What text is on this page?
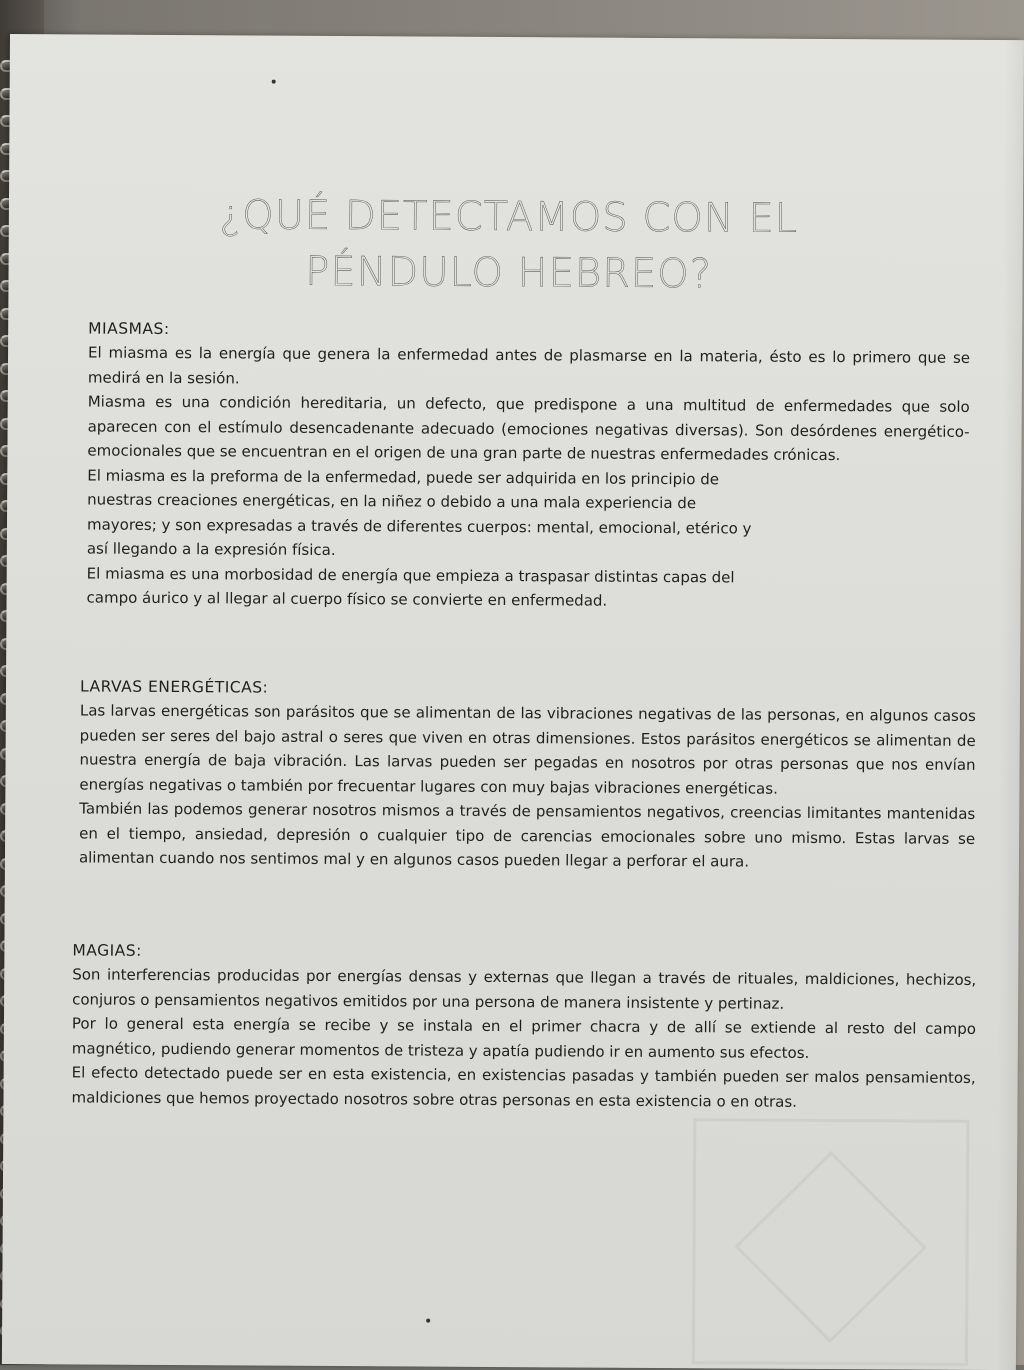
¿QUÉ DETECTAMOS CON EL
PÉNDULO HEBREO?
MIASMAS:

El miasma es la energía que genera la enfermedad antes de plasmarse en la materia, ésto es lo primero que se medirá en la sesión.

Miasma es una condición hereditaria, un defecto, que predispone a una multitud de enfermedades que solo aparecen con el estímulo desencadenante adecuado (emociones negativas diversas). Son desórdenes energético-emocionales que se encuentran en el origen de una gran parte de nuestras enfermedades crónicas.

El miasma es la preforma de la enfermedad, puede ser adquirida en los principio de nuestras creaciones energéticas, en la niñez o debido a una mala experiencia de mayores; y son expresadas a través de diferentes cuerpos: mental, emocional, etérico y así llegando a la expresión física.

El miasma es una morbosidad de energía que empieza a traspasar distintas capas del campo áurico y al llegar al cuerpo físico se convierte en enfermedad.

LARVAS ENERGÉTICAS:

Las larvas energéticas son parásitos que se alimentan de las vibraciones negativas de las personas, en algunos casos pueden ser seres del bajo astral o seres que viven en otras dimensiones. Estos parásitos energéticos se alimentan de nuestra energía de baja vibración. Las larvas pueden ser pegadas en nosotros por otras personas que nos envían energías negativas o también por frecuentar lugares con muy bajas vibraciones energéticas.

También las podemos generar nosotros mismos a través de pensamientos negativos, creencias limitantes mantenidas en el tiempo, ansiedad, depresión o cualquier tipo de carencias emocionales sobre uno mismo. Estas larvas se alimentan cuando nos sentimos mal y en algunos casos pueden llegar a perforar el aura.

MAGIAS:

Son interferencias producidas por energías densas y externas que llegan a través de rituales, maldiciones, hechizos, conjuros o pensamientos negativos emitidos por una persona de manera insistente y pertinaz.

Por lo general esta energía se recibe y se instala en el primer chacra y de allí se extiende al resto del campo magnético, pudiendo generar momentos de tristeza y apatía pudiendo ir en aumento sus efectos.

El efecto detectado puede ser en esta existencia, en existencias pasadas y también pueden ser malos pensamientos, maldiciones que hemos proyectado nosotros sobre otras personas en esta existencia o en otras.
